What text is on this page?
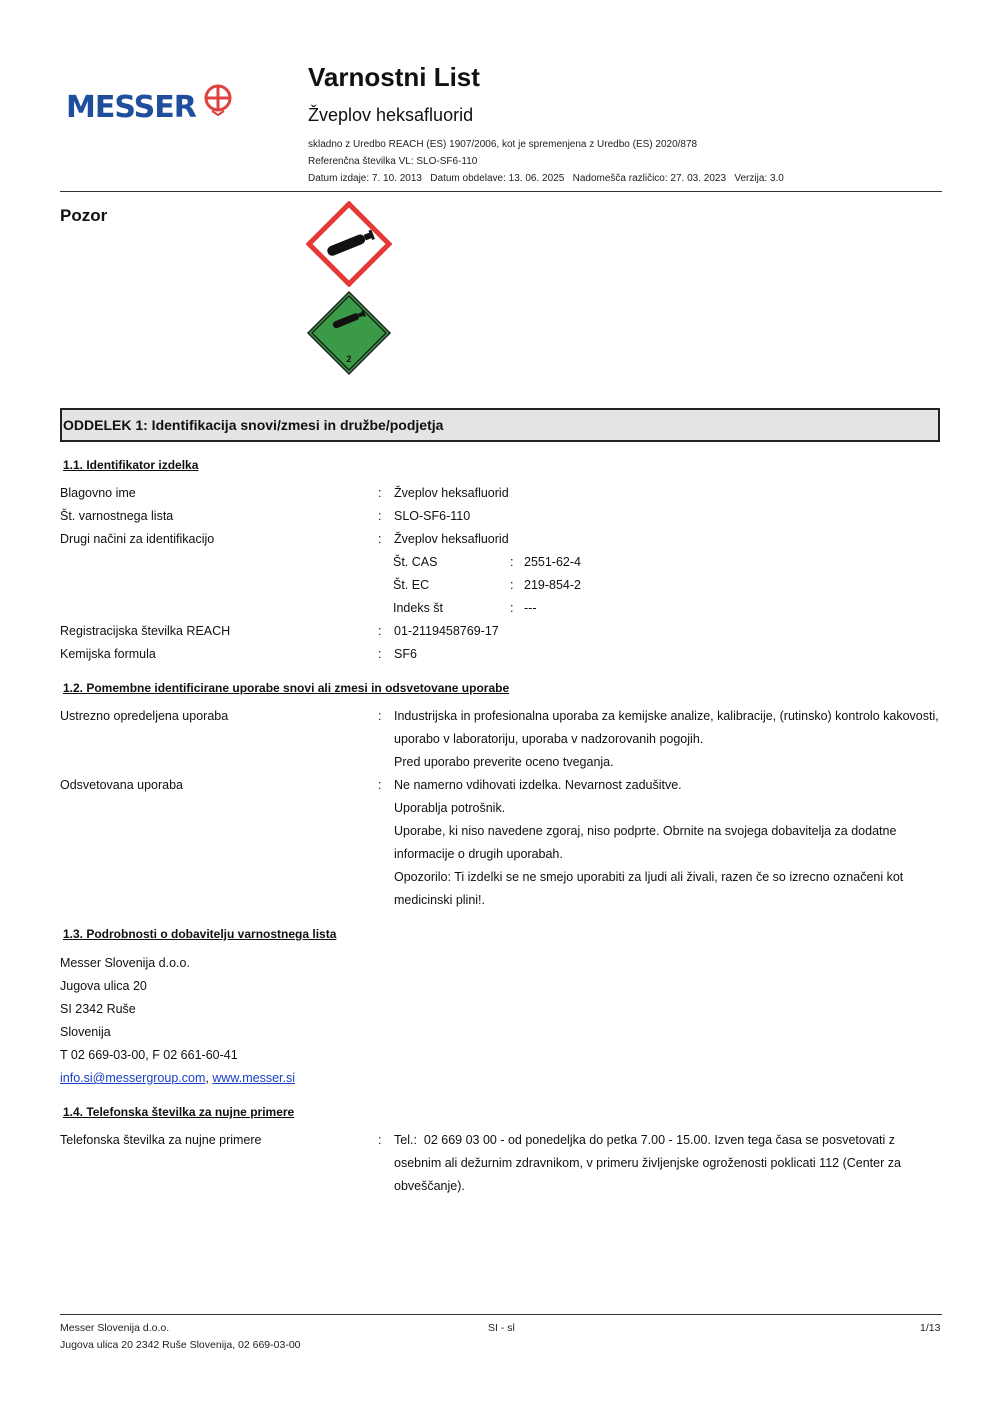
MESSER
Varnostni List
Žveplov heksafluorid
skladno z Uredbo REACH (ES) 1907/2006, kot je spremenjena z Uredbo (ES) 2020/878
Referenčna številka VL: SLO-SF6-110
Datum izdaje: 7. 10. 2013   Datum obdelave: 13. 06. 2025   Nadomešča različico: 27. 03. 2023   Verzija: 3.0
Pozor
2
ODDELEK 1: Identifikacija snovi/zmesi in družbe/podjetja
1.1. Identifikator izdelka
Blagovno ime	: Žveplov heksafluorid
Št. varnostnega lista	: SLO-SF6-110
Drugi načini za identifikacijo	: Žveplov heksafluorid
Št. CAS	: 2551-62-4
Št. EC	: 219-854-2
Indeks št	: ---
Registracijska številka REACH	: 01-2119458769-17
Kemijska formula	: SF6
1.2. Pomembne identificirane uporabe snovi ali zmesi in odsvetovane uporabe
Ustrezno opredeljena uporaba	: Industrijska in profesionalna uporaba za kemijske analize, kalibracije, (rutinsko) kontrolo kakovosti, uporabo v laboratoriju, uporaba v nadzorovanih pogojih.
Pred uporabo preverite oceno tveganja.
Odsvetovana uporaba	: Ne namerno vdihovati izdelka. Nevarnost zadušitve.
Uporablja potrošnik.
Uporabe, ki niso navedene zgoraj, niso podprte. Obrnite na svojega dobavitelja za dodatne informacije o drugih uporabah.
Opozorilo: Ti izdelki se ne smejo uporabiti za ljudi ali živali, razen če so izrecno označeni kot medicinski plini!.
1.3. Podrobnosti o dobavitelju varnostnega lista
Messer Slovenija d.o.o.
Jugova ulica 20
SI 2342 Ruše
Slovenija
T 02 669-03-00, F 02 661-60-41
info.si@messergroup.com, www.messer.si
1.4. Telefonska številka za nujne primere
Telefonska številka za nujne primere	: Tel.:  02 669 03 00 - od ponedeljka do petka 7.00 - 15.00. Izven tega časa se posvetovati z osebnim ali dežurnim zdravnikom, v primeru življenjske ogroženosti poklicati 112 (Center za obveščanje).
Messer Slovenija d.o.o.
Jugova ulica 20 2342 Ruše Slovenija, 02 669-03-00
SI - sl	1/13
